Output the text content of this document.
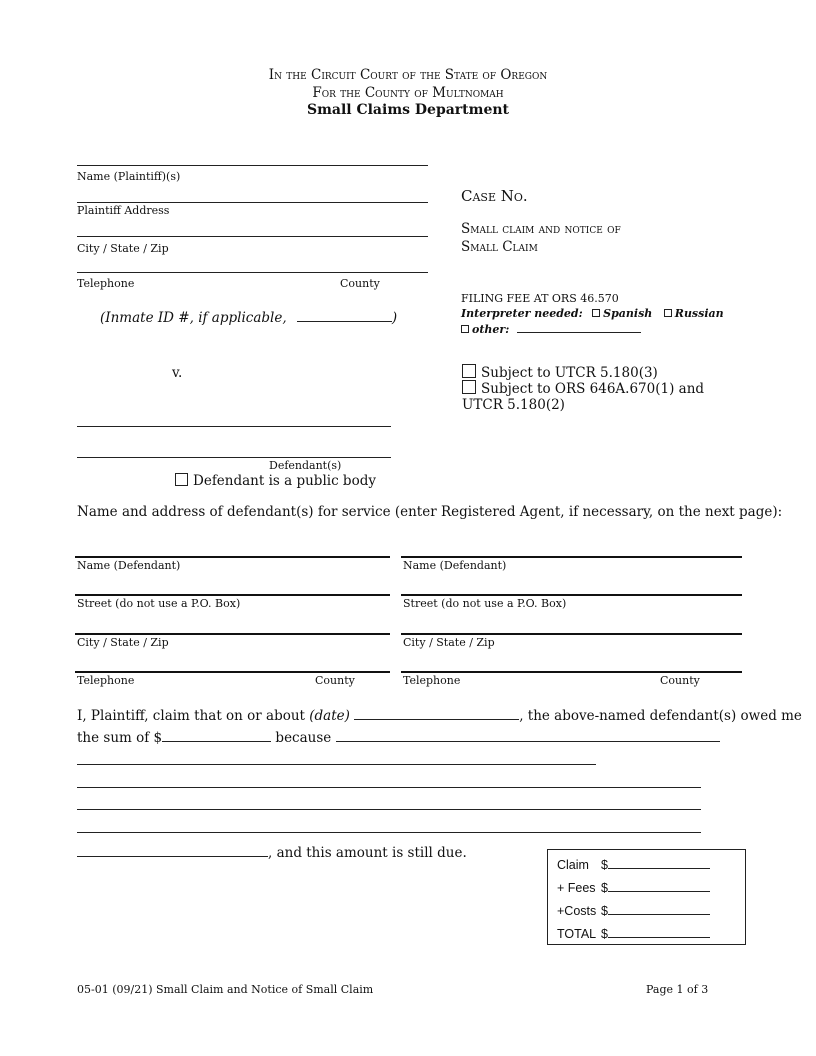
In the Circuit Court of the State of Oregon
For the County of Multnomah
Small Claims Department
Name (Plaintiff)(s)
Plaintiff Address
City / State / Zip
Telephone	County
(Inmate ID #, if applicable,	)
Case No.
Small claim and notice of
Small Claim
FILING FEE AT ORS 46.570
Interpreter needed: Spanish Russian
other:
Subject to UTCR 5.180(3)
Subject to ORS 646A.670(1) and
UTCR 5.180(2)
v.
Defendant(s)
Defendant is a public body
Name and address of defendant(s) for service (enter Registered Agent, if necessary, on the next page):
Name (Defendant)
Street (do not use a P.O. Box)
City / State / Zip
Telephone	County
Name (Defendant)
Street (do not use a P.O. Box)
City / State / Zip
Telephone	County
I, Plaintiff, claim that on or about (date)	, the above-named defendant(s) owed me
the sum of $	because
, and this amount is still due.
Claim $
+ Fees $
+Costs $
TOTAL $
05-01 (09/21) Small Claim and Notice of Small Claim	Page 1 of 3
